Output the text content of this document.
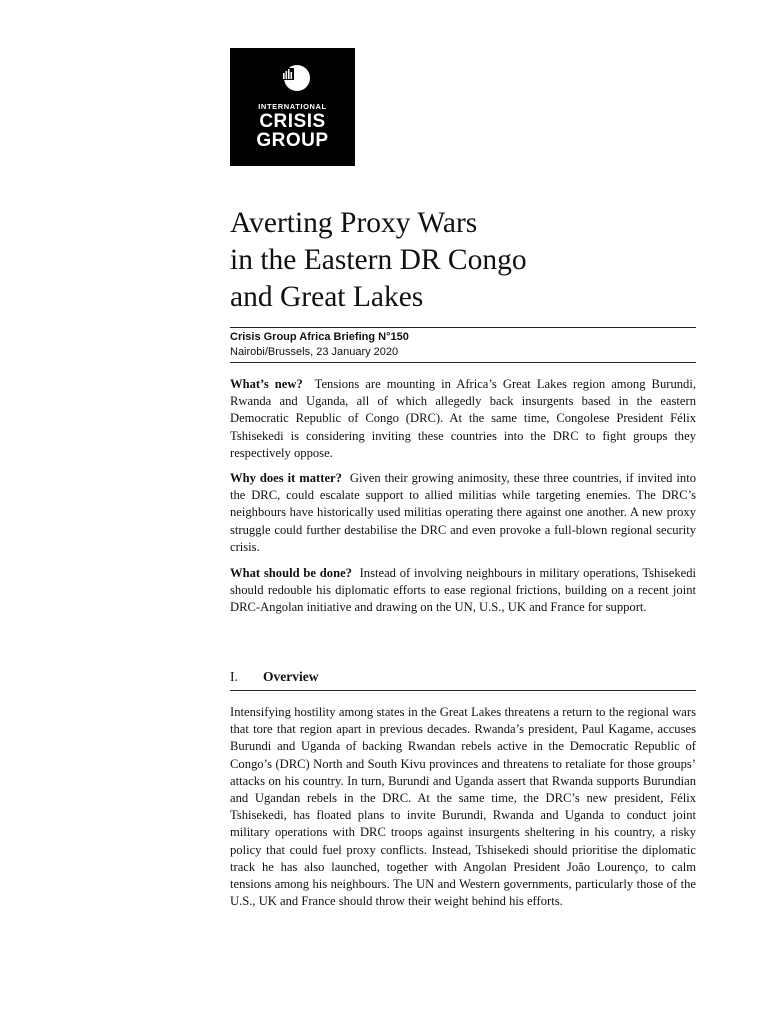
INTERNATIONAL
CRISIS
GROUP
Averting Proxy Wars
in the Eastern DR Congo
and Great Lakes
Crisis Group Africa Briefing N°150
Nairobi/Brussels, 23 January 2020

What’s new? Tensions are mounting in Africa’s Great Lakes region among Burundi, Rwanda and Uganda, all of which allegedly back insurgents based in the eastern Democratic Republic of Congo (DRC). At the same time, Congolese President Félix Tshisekedi is considering inviting these countries into the DRC to fight groups they respectively oppose.

Why does it matter? Given their growing animosity, these three countries, if invited into the DRC, could escalate support to allied militias while targeting enemies. The DRC’s neighbours have historically used militias operating there against one another. A new proxy struggle could further destabilise the DRC and even provoke a full-blown regional security crisis.

What should be done? Instead of involving neighbours in military operations, Tshisekedi should redouble his diplomatic efforts to ease regional frictions, building on a recent joint DRC-Angolan initiative and drawing on the UN, U.S., UK and France for support.

I. Overview

Intensifying hostility among states in the Great Lakes threatens a return to the regional wars that tore that region apart in previous decades. Rwanda’s president, Paul Kagame, accuses Burundi and Uganda of backing Rwandan rebels active in the Democratic Republic of Congo’s (DRC) North and South Kivu provinces and threatens to retaliate for those groups’ attacks on his country. In turn, Burundi and Uganda assert that Rwanda supports Burundian and Ugandan rebels in the DRC. At the same time, the DRC’s new president, Félix Tshisekedi, has floated plans to invite Burundi, Rwanda and Uganda to conduct joint military operations with DRC troops against insurgents sheltering in his country, a risky policy that could fuel proxy conflicts. Instead, Tshisekedi should prioritise the diplomatic track he has also launched, together with Angolan President João Lourenço, to calm tensions among his neighbours. The UN and Western governments, particularly those of the U.S., UK and France should throw their weight behind his efforts.
